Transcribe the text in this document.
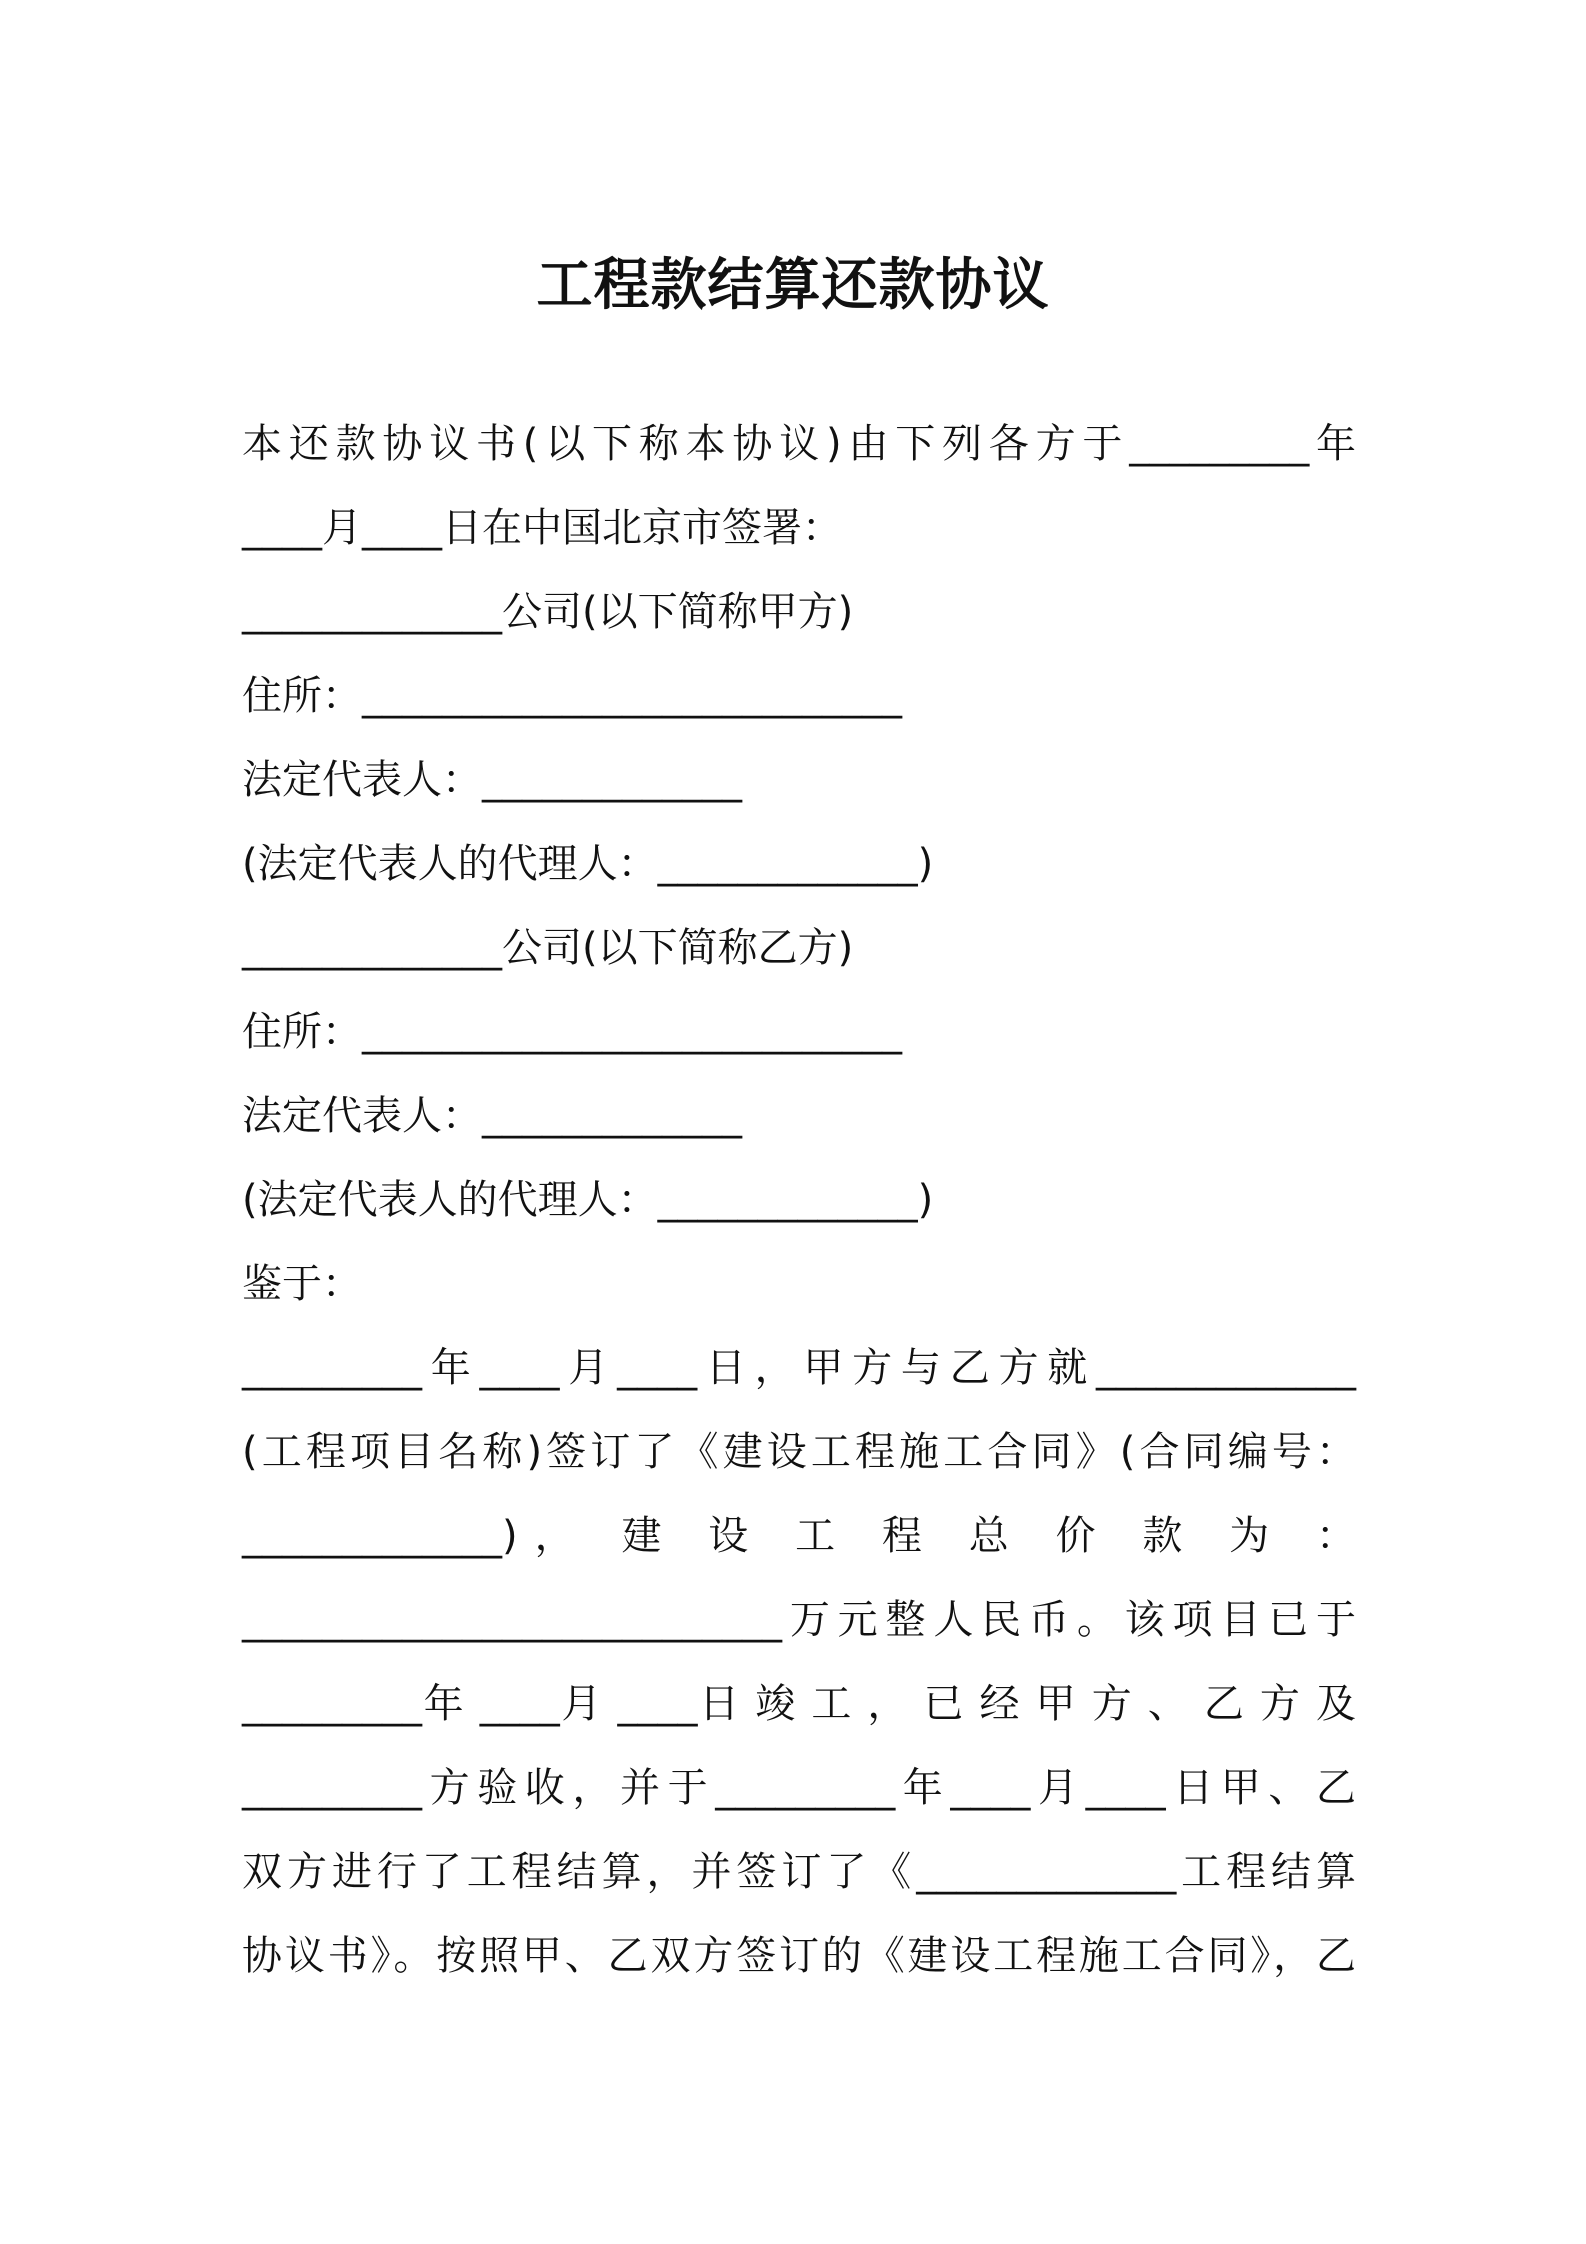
工程款结算还款协议
本还款协议书(以下称本协议)由下列各方于_________年
____月____日在中国北京市签署：
_____________公司(以下简称甲方)
住所：___________________________
法定代表人：_____________
(法定代表人的代理人：_____________)
_____________公司(以下简称乙方)
住所：___________________________
法定代表人：_____________
(法定代表人的代理人：_____________)
鉴于：
_________年____月____日，甲方与乙方就_____________
(工程项目名称)签订了《建设工程施工合同》(合同编号：
_____________)， 建 设 工 程 总 价 款 为 ：
___________________________万元整人民币。该项目已于
_________年 ____月 ____日 竣 工 ， 已 经 甲 方 、 乙 方 及
_________方验收，并于_________年____月____日甲、乙
双方进行了工程结算，并签订了《_____________工程结算
协议书》。按照甲、乙双方签订的《建设工程施工合同》，乙
